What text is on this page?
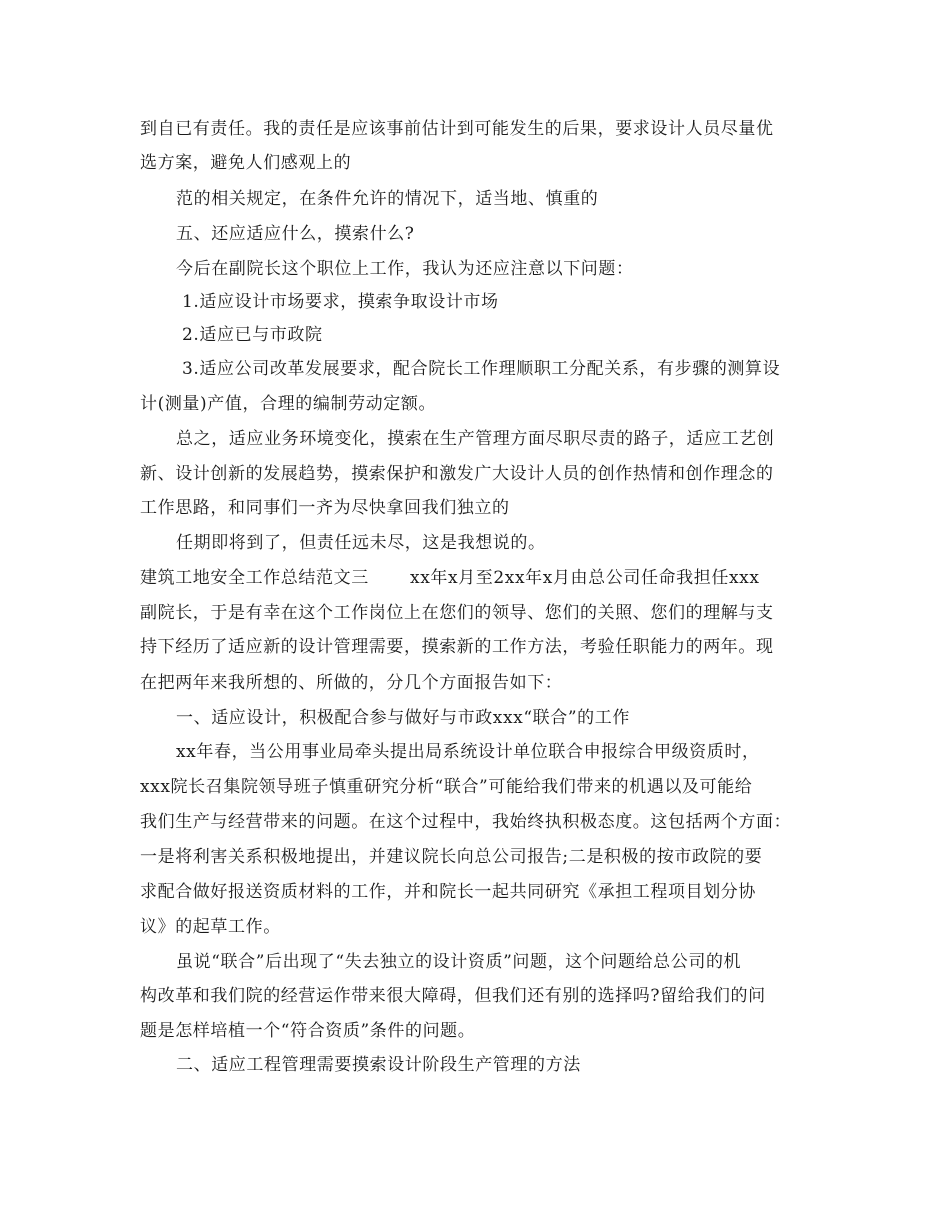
到自已有责任。我的责任是应该事前估计到可能发生的后果，要求设计人员尽量优
选方案，避免人们感观上的
范的相关规定，在条件允许的情况下，适当地、慎重的
五、还应适应什么，摸索什么?
今后在副院长这个职位上工作，我认为还应注意以下问题：
1.适应设计市场要求，摸索争取设计市场
2.适应已与市政院
3.适应公司改革发展要求，配合院长工作理顺职工分配关系，有步骤的测算设
计(测量)产值，合理的编制劳动定额。
总之，适应业务环境变化，摸索在生产管理方面尽职尽责的路子，适应工艺创
新、设计创新的发展趋势，摸索保护和激发广大设计人员的创作热情和创作理念的
工作思路，和同事们一齐为尽快拿回我们独立的
任期即将到了，但责任远未尽，这是我想说的。
建筑工地安全工作总结范文三　　 xx年x月至2xx年x月由总公司任命我担任xxx
副院长，于是有幸在这个工作岗位上在您们的领导、您们的关照、您们的理解与支
持下经历了适应新的设计管理需要，摸索新的工作方法，考验任职能力的两年。现
在把两年来我所想的、所做的，分几个方面报告如下：
一、适应设计，积极配合参与做好与市政xxx“联合”的工作
xx年春，当公用事业局牵头提出局系统设计单位联合申报综合甲级资质时，
xxx院长召集院领导班子慎重研究分析“联合”可能给我们带来的机遇以及可能给
我们生产与经营带来的问题。在这个过程中，我始终执积极态度。这包括两个方面：
一是将利害关系积极地提出，并建议院长向总公司报告;二是积极的按市政院的要
求配合做好报送资质材料的工作，并和院长一起共同研究《承担工程项目划分协
议》的起草工作。
虽说“联合”后出现了“失去独立的设计资质”问题，这个问题给总公司的机
构改革和我们院的经营运作带来很大障碍，但我们还有别的选择吗?留给我们的问
题是怎样培植一个“符合资质”条件的问题。
二、适应工程管理需要摸索设计阶段生产管理的方法
